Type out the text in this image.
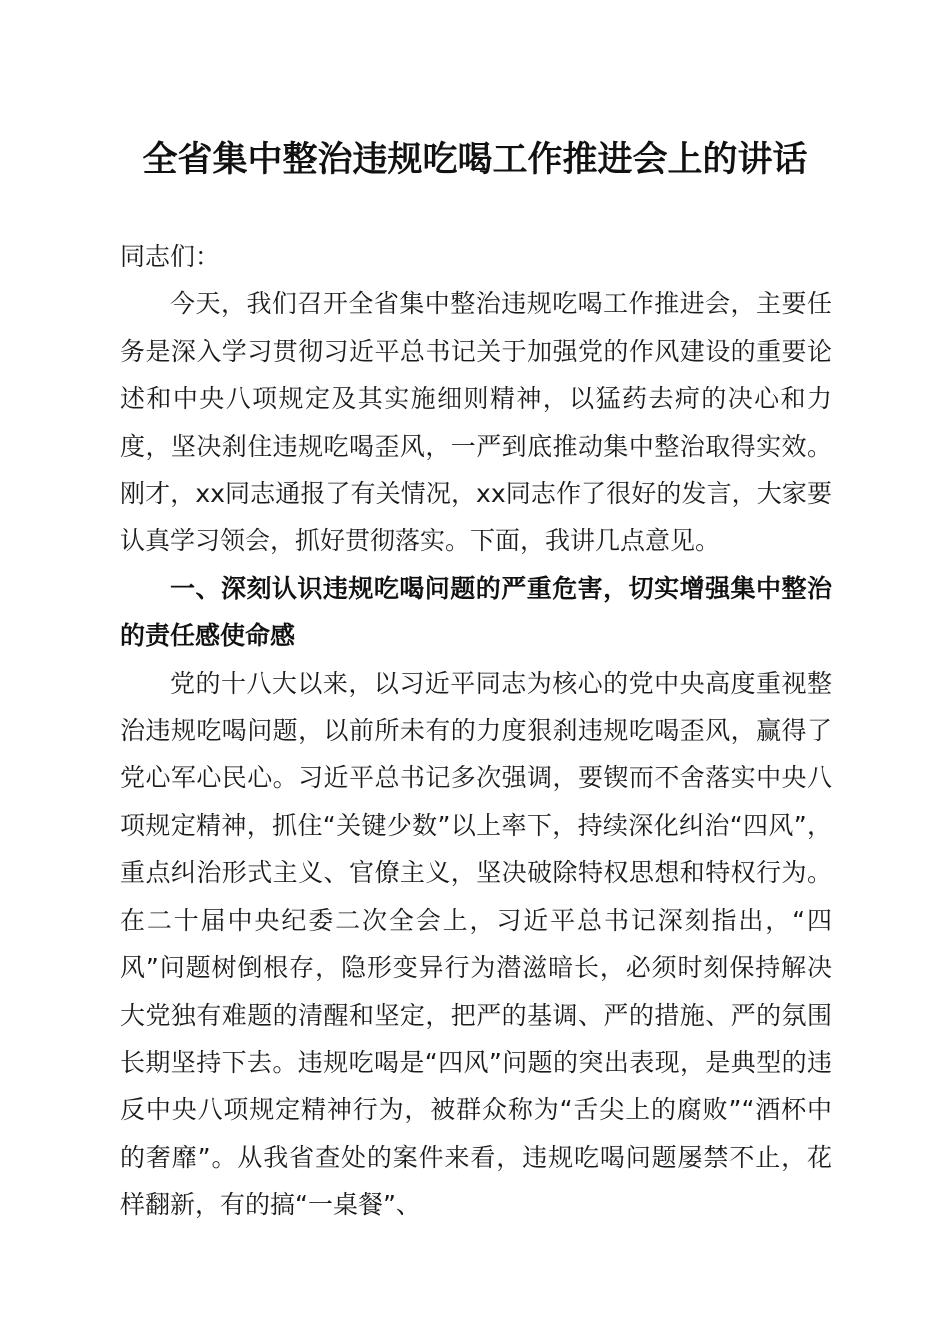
全省集中整治违规吃喝工作推进会上的讲话

同志们：

今天，我们召开全省集中整治违规吃喝工作推进会，主要任务是深入学习贯彻习近平总书记关于加强党的作风建设的重要论述和中央八项规定及其实施细则精神，以猛药去疴的决心和力度，坚决刹住违规吃喝歪风，一严到底推动集中整治取得实效。刚才，xx同志通报了有关情况，xx同志作了很好的发言，大家要认真学习领会，抓好贯彻落实。下面，我讲几点意见。

一、深刻认识违规吃喝问题的严重危害，切实增强集中整治的责任感使命感

党的十八大以来，以习近平同志为核心的党中央高度重视整治违规吃喝问题，以前所未有的力度狠刹违规吃喝歪风，赢得了党心军心民心。习近平总书记多次强调，要锲而不舍落实中央八项规定精神，抓住“关键少数”以上率下，持续深化纠治“四风”，重点纠治形式主义、官僚主义，坚决破除特权思想和特权行为。在二十届中央纪委二次全会上，习近平总书记深刻指出，“四风”问题树倒根存，隐形变异行为潜滋暗长，必须时刻保持解决大党独有难题的清醒和坚定，把严的基调、严的措施、严的氛围长期坚持下去。违规吃喝是“四风”问题的突出表现，是典型的违反中央八项规定精神行为，被群众称为“舌尖上的腐败”“酒杯中的奢靡”。从我省查处的案件来看，违规吃喝问题屡禁不止，花样翻新，有的搞“一桌餐”、
